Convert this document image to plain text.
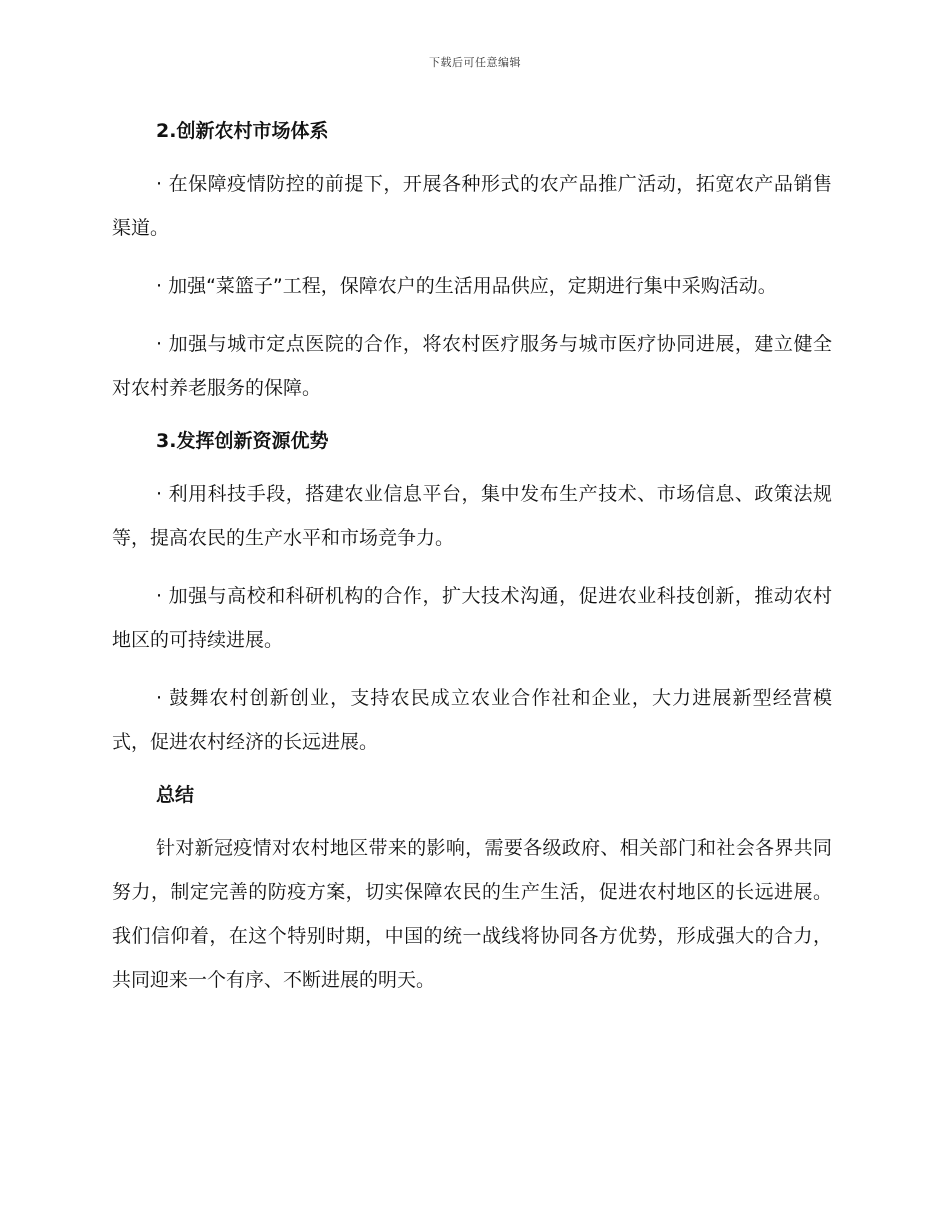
下载后可任意编辑
2.创新农村市场体系

· 在保障疫情防控的前提下，开展各种形式的农产品推广活动，拓宽农产品销售渠道。

· 加强“菜篮子”工程，保障农户的生活用品供应，定期进行集中采购活动。

· 加强与城市定点医院的合作，将农村医疗服务与城市医疗协同进展，建立健全对农村养老服务的保障。

3.发挥创新资源优势

· 利用科技手段，搭建农业信息平台，集中发布生产技术、市场信息、政策法规等，提高农民的生产水平和市场竞争力。

· 加强与高校和科研机构的合作，扩大技术沟通，促进农业科技创新，推动农村地区的可持续进展。

· 鼓舞农村创新创业，支持农民成立农业合作社和企业，大力进展新型经营模式，促进农村经济的长远进展。

总结

针对新冠疫情对农村地区带来的影响，需要各级政府、相关部门和社会各界共同努力，制定完善的防疫方案，切实保障农民的生产生活，促进农村地区的长远进展。我们信仰着，在这个特别时期，中国的统一战线将协同各方优势，形成强大的合力，共同迎来一个有序、不断进展的明天。
